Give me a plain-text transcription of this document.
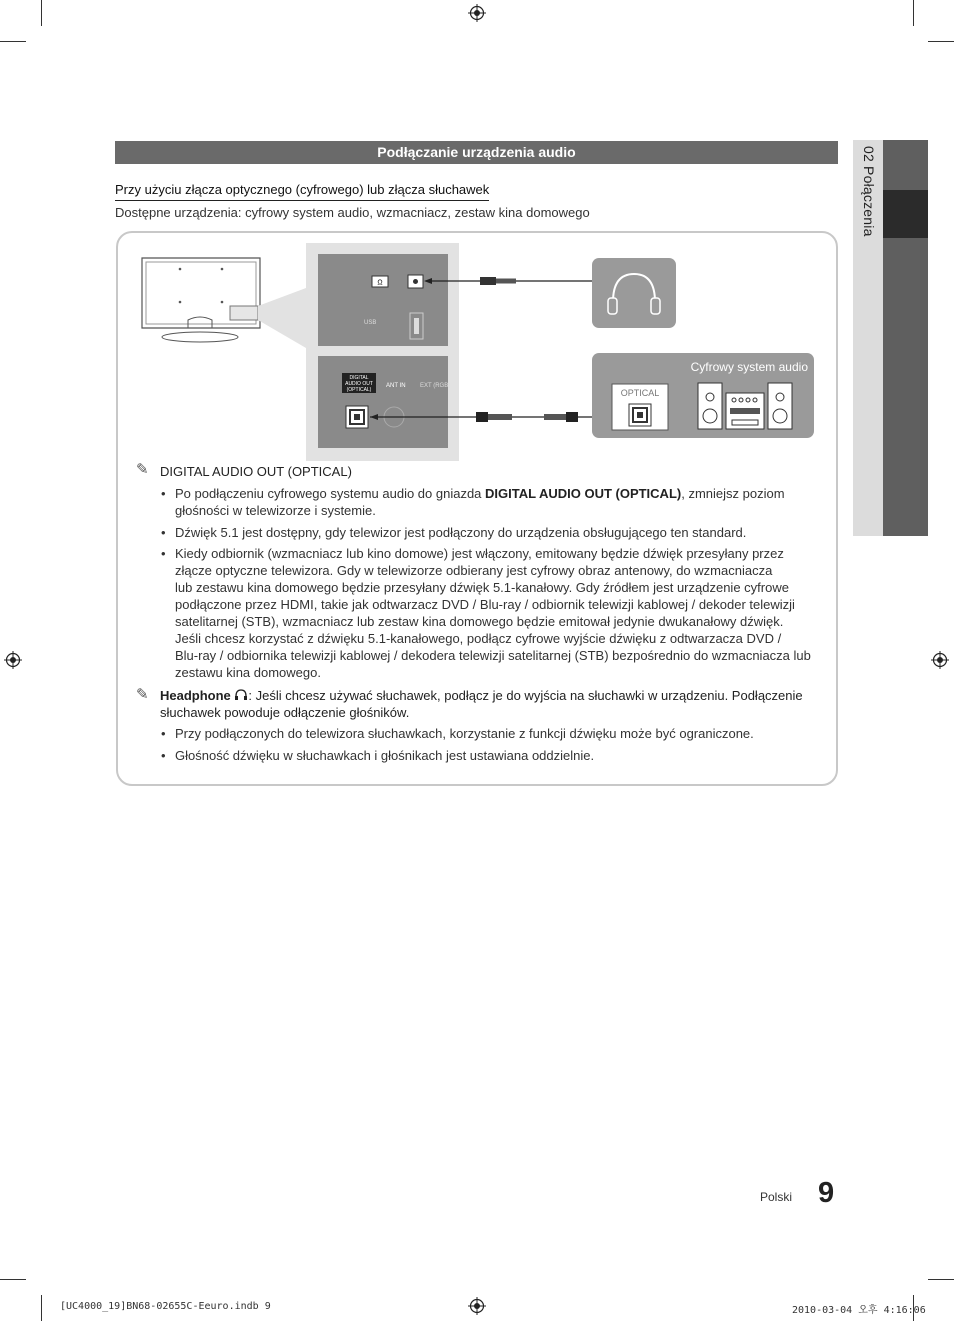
02 Połączenia
Podłączanie urządzenia audio
Przy użyciu złącza optycznego (cyfrowego) lub złącza słuchawek
Dostępne urządzenia: cyfrowy system audio, wzmacniacz, zestaw kina domowego
Ω
USB
DIGITAL
AUDIO OUT
(OPTICAL)
ANT IN EXT (RGB)
Cyfrowy system audio
OPTICAL
✎ DIGITAL AUDIO OUT (OPTICAL)
• Po podłączeniu cyfrowego systemu audio do gniazda DIGITAL AUDIO OUT (OPTICAL), zmniejsz poziom
głośności w telewizorze i systemie.
• Dźwięk 5.1 jest dostępny, gdy telewizor jest podłączony do urządzenia obsługującego ten standard.
• Kiedy odbiornik (wzmacniacz lub kino domowe) jest włączony, emitowany będzie dźwięk przesyłany przez
złącze optyczne telewizora. Gdy w telewizorze odbierany jest cyfrowy obraz antenowy, do wzmacniacza
lub zestawu kina domowego będzie przesyłany dźwięk 5.1-kanałowy. Gdy źródłem jest urządzenie cyfrowe
podłączone przez HDMI, takie jak odtwarzacz DVD / Blu-ray / odbiornik telewizji kablowej / dekoder telewizji
satelitarnej (STB), wzmacniacz lub zestaw kina domowego będzie emitował jedynie dwukanałowy dźwięk.
Jeśli chcesz korzystać z dźwięku 5.1-kanałowego, podłącz cyfrowe wyjście dźwięku z odtwarzacza DVD /
Blu-ray / odbiornika telewizji kablowej / dekodera telewizji satelitarnej (STB) bezpośrednio do wzmacniacza lub
zestawu kina domowego.
✎ Headphone : Jeśli chcesz używać słuchawek, podłącz je do wyjścia na słuchawki w urządzeniu. Podłączenie
słuchawek powoduje odłączenie głośników.
• Przy podłączonych do telewizora słuchawkach, korzystanie z funkcji dźwięku może być ograniczone.
• Głośność dźwięku w słuchawkach i głośnikach jest ustawiana oddzielnie.
Polski 9
[UC4000_19]BN68-02655C-Eeuro.indb 9	2010-03-04 오후 4:16:06
